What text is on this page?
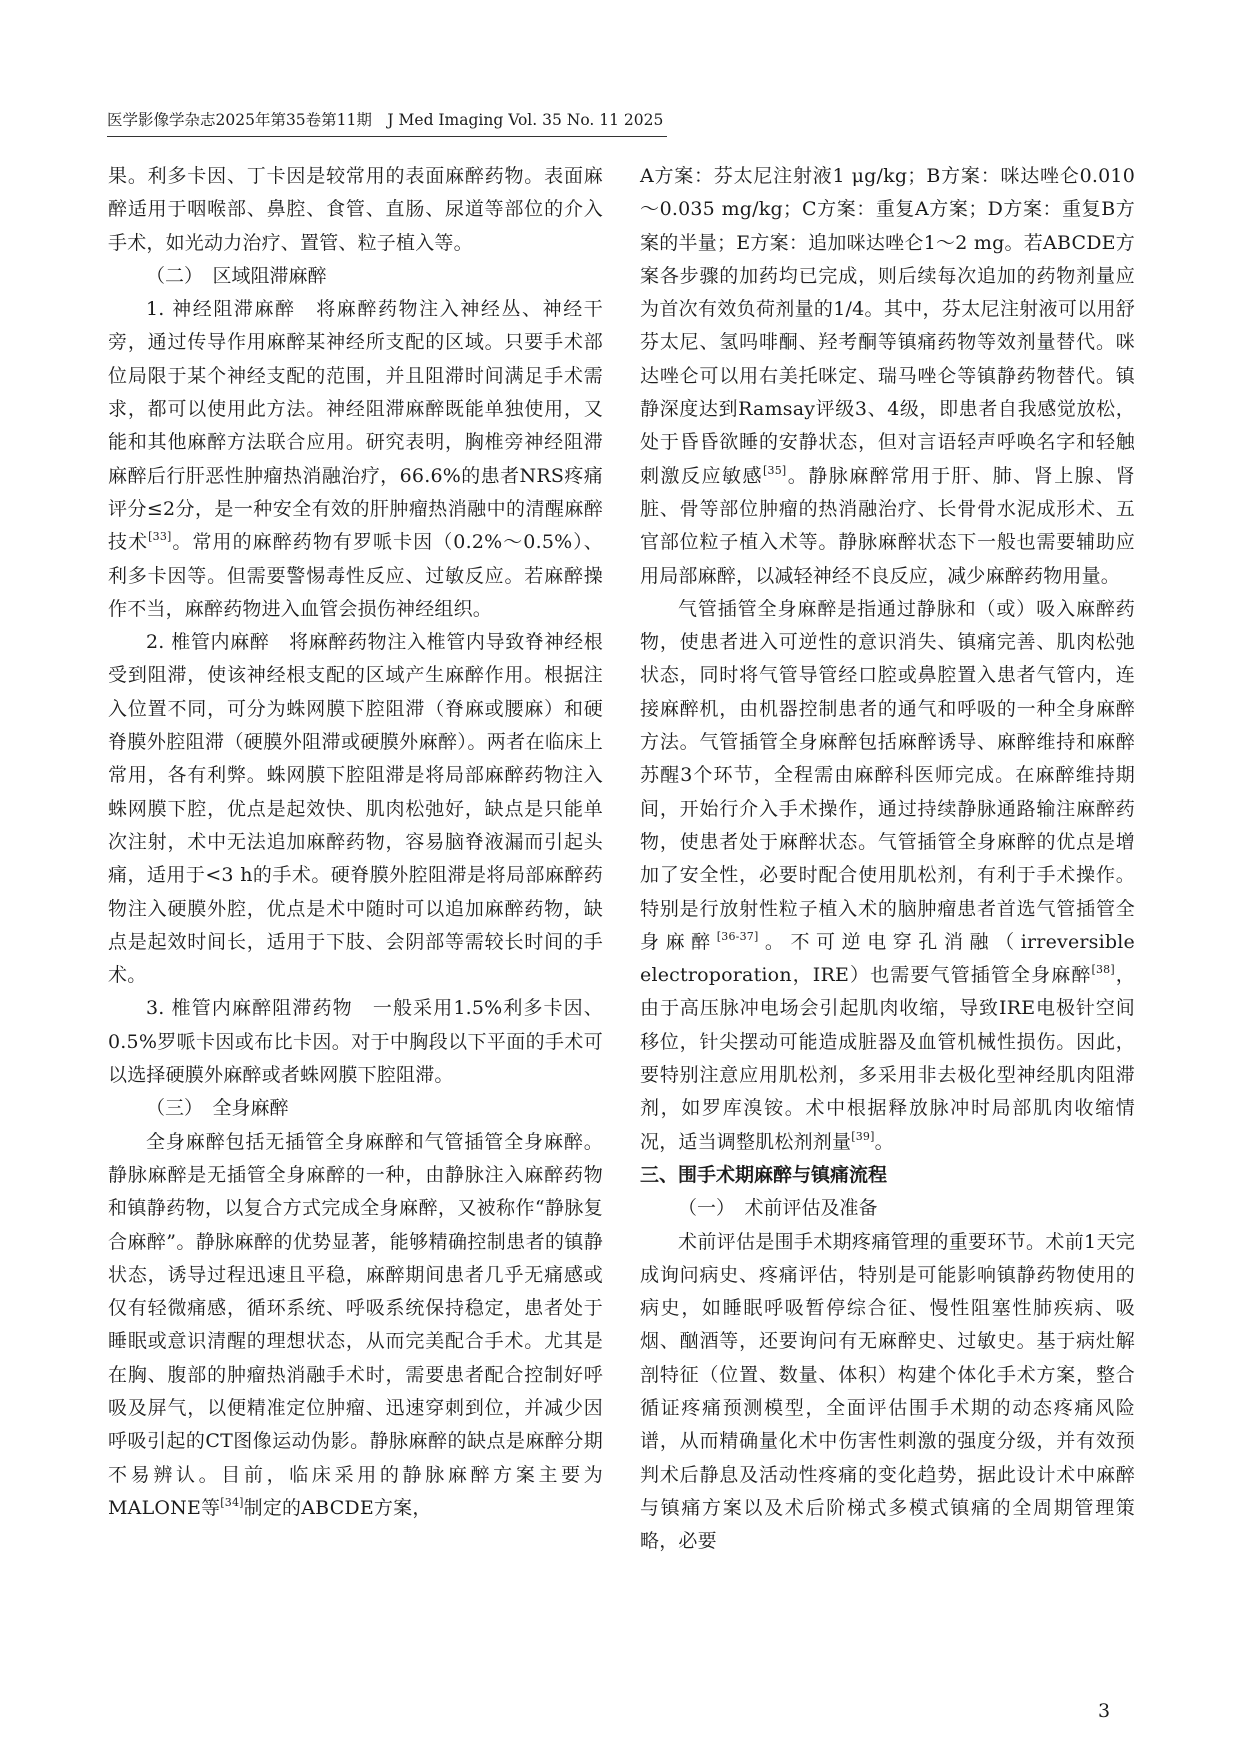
医学影像学杂志2025年第35卷第11期　J Med Imaging Vol. 35 No. 11 2025

果。利多卡因、丁卡因是较常用的表面麻醉药物。表面麻醉适用于咽喉部、鼻腔、食管、直肠、尿道等部位的介入手术，如光动力治疗、置管、粒子植入等。

（二）　区域阻滞麻醉

1. 神经阻滞麻醉　将麻醉药物注入神经丛、神经干旁，通过传导作用麻醉某神经所支配的区域。只要手术部位局限于某个神经支配的范围，并且阻滞时间满足手术需求，都可以使用此方法。神经阻滞麻醉既能单独使用，又能和其他麻醉方法联合应用。研究表明，胸椎旁神经阻滞麻醉后行肝恶性肿瘤热消融治疗，66.6%的患者NRS疼痛评分≤2分，是一种安全有效的肝肿瘤热消融中的清醒麻醉技术[33]。常用的麻醉药物有罗哌卡因（0.2%～0.5%）、利多卡因等。但需要警惕毒性反应、过敏反应。若麻醉操作不当，麻醉药物进入血管会损伤神经组织。

2. 椎管内麻醉　将麻醉药物注入椎管内导致脊神经根受到阻滞，使该神经根支配的区域产生麻醉作用。根据注入位置不同，可分为蛛网膜下腔阻滞（脊麻或腰麻）和硬脊膜外腔阻滞（硬膜外阻滞或硬膜外麻醉）。两者在临床上常用，各有利弊。蛛网膜下腔阻滞是将局部麻醉药物注入蛛网膜下腔，优点是起效快、肌肉松弛好，缺点是只能单次注射，术中无法追加麻醉药物，容易脑脊液漏而引起头痛，适用于<3 h的手术。硬脊膜外腔阻滞是将局部麻醉药物注入硬膜外腔，优点是术中随时可以追加麻醉药物，缺点是起效时间长，适用于下肢、会阴部等需较长时间的手术。

3. 椎管内麻醉阻滞药物　一般采用1.5%利多卡因、0.5%罗哌卡因或布比卡因。对于中胸段以下平面的手术可以选择硬膜外麻醉或者蛛网膜下腔阻滞。

（三）　全身麻醉

全身麻醉包括无插管全身麻醉和气管插管全身麻醉。静脉麻醉是无插管全身麻醉的一种，由静脉注入麻醉药物和镇静药物，以复合方式完成全身麻醉，又被称作“静脉复合麻醉”。静脉麻醉的优势显著，能够精确控制患者的镇静状态，诱导过程迅速且平稳，麻醉期间患者几乎无痛感或仅有轻微痛感，循环系统、呼吸系统保持稳定，患者处于睡眠或意识清醒的理想状态，从而完美配合手术。尤其是在胸、腹部的肿瘤热消融手术时，需要患者配合控制好呼吸及屏气，以便精准定位肿瘤、迅速穿刺到位，并减少因呼吸引起的CT图像运动伪影。静脉麻醉的缺点是麻醉分期不易辨认。目前，临床采用的静脉麻醉方案主要为MALONE等[34]制定的ABCDE方案，

A方案：芬太尼注射液1 μg/kg；B方案：咪达唑仑0.010～0.035 mg/kg；C方案：重复A方案；D方案：重复B方案的半量；E方案：追加咪达唑仑1～2 mg。若ABCDE方案各步骤的加药均已完成，则后续每次追加的药物剂量应为首次有效负荷剂量的1/4。其中，芬太尼注射液可以用舒芬太尼、氢吗啡酮、羟考酮等镇痛药物等效剂量替代。咪达唑仑可以用右美托咪定、瑞马唑仑等镇静药物替代。镇静深度达到Ramsay评级3、4级，即患者自我感觉放松，处于昏昏欲睡的安静状态，但对言语轻声呼唤名字和轻触刺激反应敏感[35]。静脉麻醉常用于肝、肺、肾上腺、肾脏、骨等部位肿瘤的热消融治疗、长骨骨水泥成形术、五官部位粒子植入术等。静脉麻醉状态下一般也需要辅助应用局部麻醉，以减轻神经不良反应，减少麻醉药物用量。

气管插管全身麻醉是指通过静脉和（或）吸入麻醉药物，使患者进入可逆性的意识消失、镇痛完善、肌肉松弛状态，同时将气管导管经口腔或鼻腔置入患者气管内，连接麻醉机，由机器控制患者的通气和呼吸的一种全身麻醉方法。气管插管全身麻醉包括麻醉诱导、麻醉维持和麻醉苏醒3个环节，全程需由麻醉科医师完成。在麻醉维持期间，开始行介入手术操作，通过持续静脉通路输注麻醉药物，使患者处于麻醉状态。气管插管全身麻醉的优点是增加了安全性，必要时配合使用肌松剂，有利于手术操作。特别是行放射性粒子植入术的脑肿瘤患者首选气管插管全身麻醉[36-37]。不可逆电穿孔消融（irreversible electroporation，IRE）也需要气管插管全身麻醉[38]，由于高压脉冲电场会引起肌肉收缩，导致IRE电极针空间移位，针尖摆动可能造成脏器及血管机械性损伤。因此，要特别注意应用肌松剂，多采用非去极化型神经肌肉阻滞剂，如罗库溴铵。术中根据释放脉冲时局部肌肉收缩情况，适当调整肌松剂剂量[39]。

三、围手术期麻醉与镇痛流程

（一）　术前评估及准备

术前评估是围手术期疼痛管理的重要环节。术前1天完成询问病史、疼痛评估，特别是可能影响镇静药物使用的病史，如睡眠呼吸暂停综合征、慢性阻塞性肺疾病、吸烟、酗酒等，还要询问有无麻醉史、过敏史。基于病灶解剖特征（位置、数量、体积）构建个体化手术方案，整合循证疼痛预测模型，全面评估围手术期的动态疼痛风险谱，从而精确量化术中伤害性刺激的强度分级，并有效预判术后静息及活动性疼痛的变化趋势，据此设计术中麻醉与镇痛方案以及术后阶梯式多模式镇痛的全周期管理策略，必要

3
